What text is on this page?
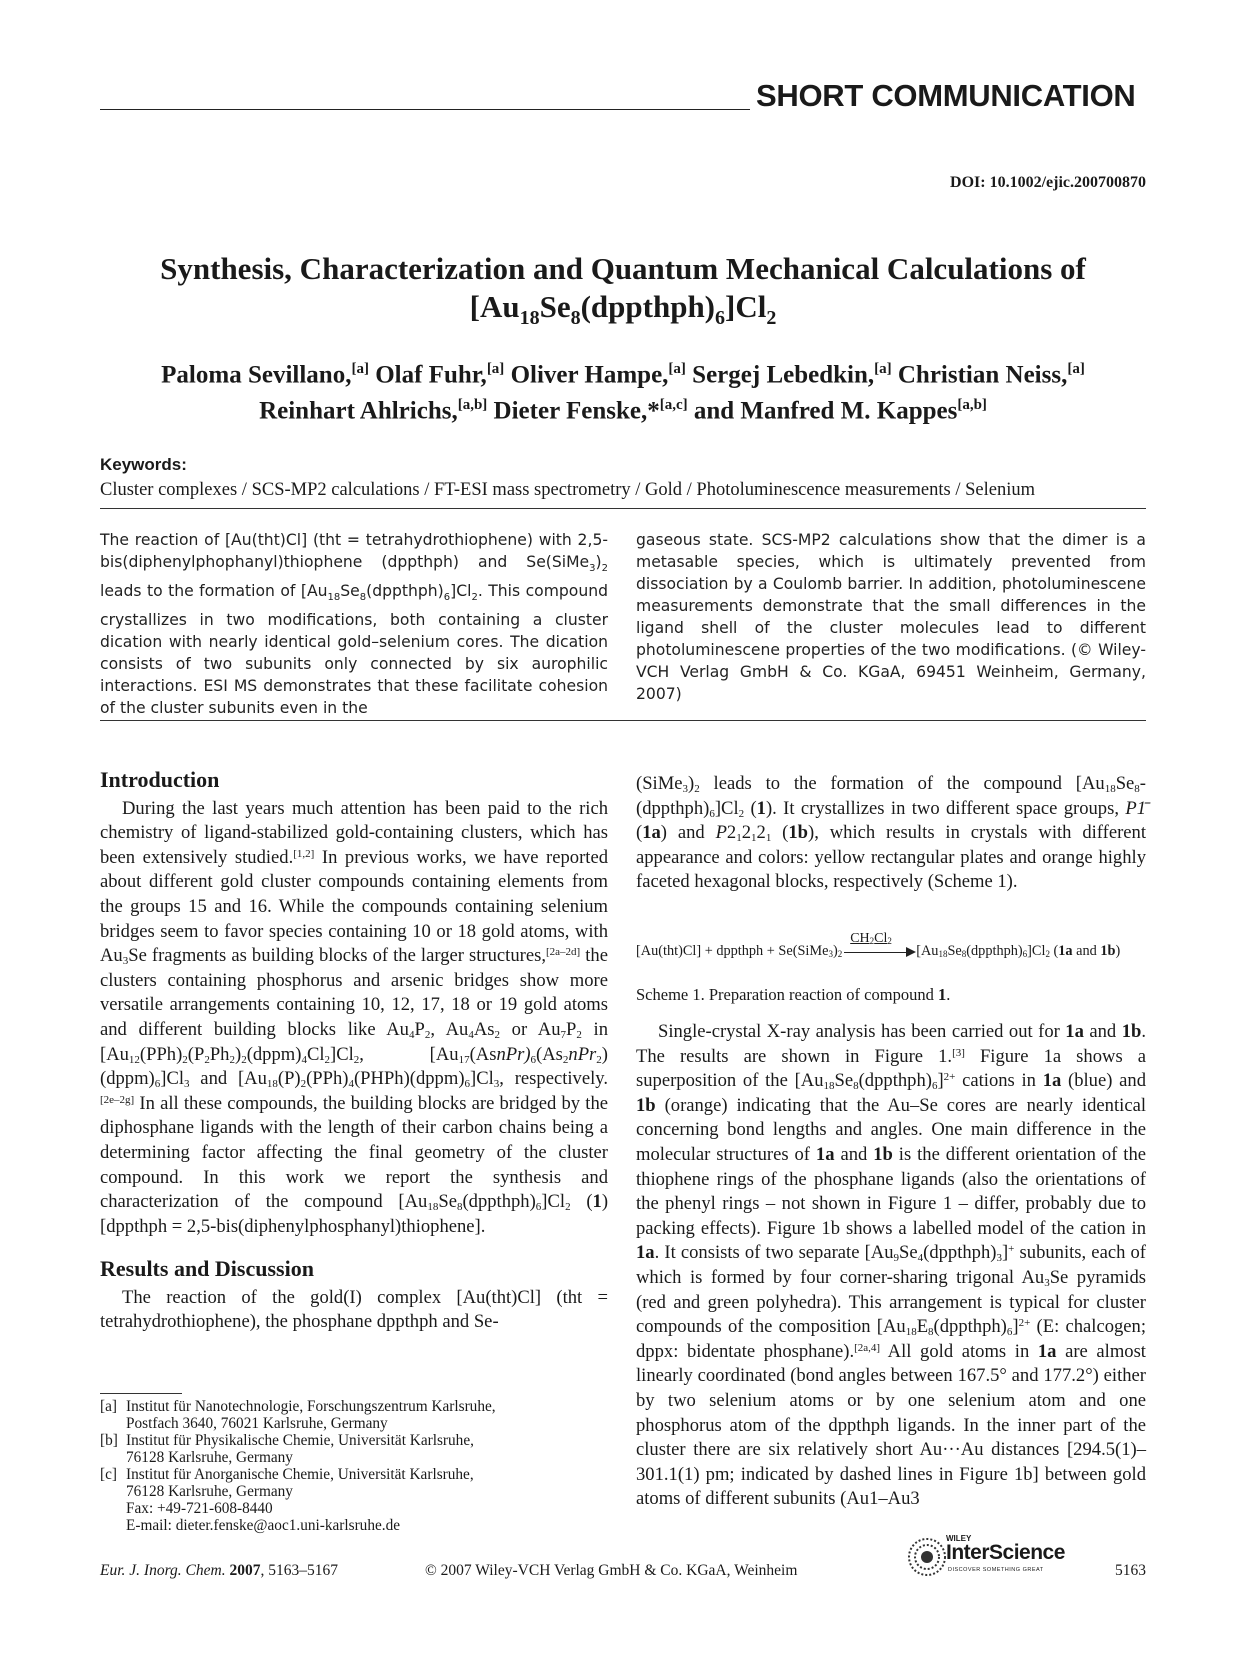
SHORT COMMUNICATION
DOI: 10.1002/ejic.200700870
Synthesis, Characterization and Quantum Mechanical Calculations of
$[Au_{18}Se_8(dppthph)_6]Cl_2$
Paloma Sevillano,[a] Olaf Fuhr,[a] Oliver Hampe,[a] Sergej Lebedkin,[a] Christian Neiss,[a]
Reinhart Ahlrichs,[a,b] Dieter Fenske,*[a,c] and Manfred M. Kappes[a,b]
Keywords: Cluster complexes / SCS-MP2 calculations / FT-ESI mass spectrometry / Gold / Photoluminescence measurements / Selenium
The reaction of [Au(tht)Cl] (tht = tetrahydrothiophene) with 2,5-bis(diphenylphophanyl)thiophene (dppthph) and $Se(SiMe_3)_2$ leads to the formation of $[Au_{18}Se_8(dppthph)_6]Cl_2$. This compound crystallizes in two modifications, both containing a cluster dication with nearly identical gold–selenium cores. The dication consists of two subunits only connected by six aurophilic interactions. ESI MS demonstrates that these facilitate cohesion of the cluster subunits even in the
gaseous state. SCS-MP2 calculations show that the dimer is a metasable species, which is ultimately prevented from dissociation by a Coulomb barrier. In addition, photoluminescene measurements demonstrate that the small differences in the ligand shell of the cluster molecules lead to different photoluminescene properties of the two modifications. (© Wiley-VCH Verlag GmbH & Co. KGaA, 69451 Weinheim, Germany, 2007)
Introduction

During the last years much attention has been paid to the rich chemistry of ligand-stabilized gold-containing clusters, which has been extensively studied.[1,2] In previous works, we have reported about different gold cluster compounds containing elements from the groups 15 and 16. While the compounds containing selenium bridges seem to favor species containing 10 or 18 gold atoms, with $Au_3Se$ fragments as building blocks of the larger structures,[2a–2d] the clusters containing phosphorus and arsenic bridges show more versatile arrangements containing 10, 12, 17, 18 or 19 gold atoms and different building blocks like $Au_4P_2$, $Au_4As_2$ or $Au_7P_2$ in $[Au_{12}(PPh)_2(P_2Ph_2)_2(dppm)_4Cl_2]Cl_2$, $[Au_{17}(AsnPr)_6(As_2nPr_2)(dppm)_6]Cl_3$ and $[Au_{18}(P)_2(PPh)_4(PHPh)(dppm)_6]Cl_3$, respectively.[2e–2g] In all these compounds, the building blocks are bridged by the diphosphane ligands with the length of their carbon chains being a determining factor affecting the final geometry of the cluster compound. In this work we report the synthesis and characterization of the compound $[Au_{18}Se_8(dppthph)_6]Cl_2$ (1) [dppthph = 2,5-bis(diphenylphosphanyl)thiophene].

Results and Discussion

The reaction of the gold(I) complex [Au(tht)Cl] (tht = tetrahydrothiophene), the phosphane dppthph and Se-

[a] Institut für Nanotechnologie, Forschungszentrum Karlsruhe,
Postfach 3640, 76021 Karlsruhe, Germany
[b] Institut für Physikalische Chemie, Universität Karlsruhe,
76128 Karlsruhe, Germany
[c] Institut für Anorganische Chemie, Universität Karlsruhe,
76128 Karlsruhe, Germany
Fax: +49-721-608-8440
E-mail: dieter.fenske@aoc1.uni-karlsruhe.de

$(SiMe_3)_2$ leads to the formation of the compound $[Au_{18}Se_8-(dppthph)_6]Cl_2$ (1). It crystallizes in two different space groups, P1̄ (1a) and $P2_12_12_1$ (1b), which results in crystals with different appearance and colors: yellow rectangular plates and orange highly faceted hexagonal blocks, respectively (Scheme 1).

[Au(tht)Cl] + dppthph + $Se(SiMe_3)_2$
$CH_2Cl_2$
$[Au_{18}Se_8(dppthph)_6]Cl_2$ (1a and 1b)
Scheme 1. Preparation reaction of compound 1.

Single-crystal X-ray analysis has been carried out for 1a and 1b. The results are shown in Figure 1.[3] Figure 1a shows a superposition of the $[Au_{18}Se_8(dppthph)_6]^{2+}$ cations in 1a (blue) and 1b (orange) indicating that the Au–Se cores are nearly identical concerning bond lengths and angles. One main difference in the molecular structures of 1a and 1b is the different orientation of the thiophene rings of the phosphane ligands (also the orientations of the phenyl rings – not shown in Figure 1 – differ, probably due to packing effects). Figure 1b shows a labelled model of the cation in 1a. It consists of two separate $[Au_9Se_4(dppthph)_3]^+$ subunits, each of which is formed by four corner-sharing trigonal $Au_3Se$ pyramids (red and green polyhedra). This arrangement is typical for cluster compounds of the composition $[Au_{18}E_8(dppthph)_6]^{2+}$ (E: chalcogen; dppx: bidentate phosphane).[2a,4] All gold atoms in 1a are almost linearly coordinated (bond angles between 167.5° and 177.2°) either by two selenium atoms or by one selenium atom and one phosphorus atom of the dppthph ligands. In the inner part of the cluster there are six relatively short Au···Au distances [294.5(1)–301.1(1) pm; indicated by dashed lines in Figure 1b] between gold atoms of different subunits (Au1–Au3

Eur. J. Inorg. Chem. 2007, 5163–5167	© 2007 Wiley-VCH Verlag GmbH & Co. KGaA, Weinheim
WILEY
InterScience
DISCOVER SOMETHING GREAT	5163
